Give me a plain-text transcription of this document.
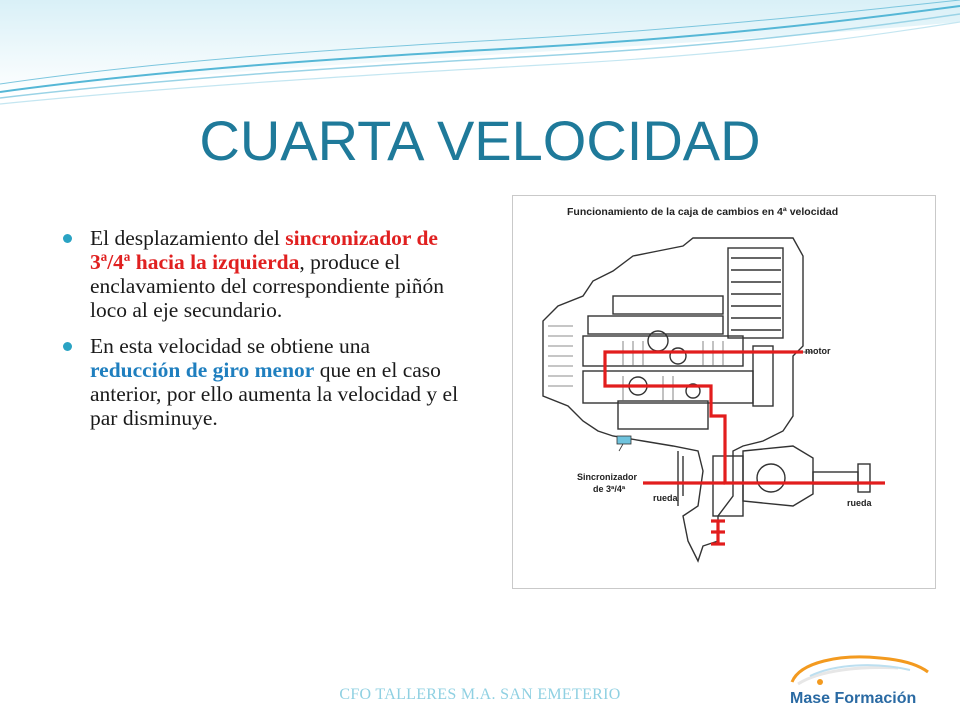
CUARTA VELOCIDAD
El desplazamiento del sincronizador de 3ª/4ª hacia la izquierda, produce el enclavamiento del correspondiente piñón loco al eje secundario.
En esta velocidad se obtiene una reducción de giro menor que en el caso anterior, por ello aumenta la velocidad y el par disminuye.
Funcionamiento de la caja de cambios en 4ª velocidad
motor
Sincronizador
de 3ª/4ª
rueda	rueda
CFO TALLERES M.A. SAN EMETERIO	Mase Formación
